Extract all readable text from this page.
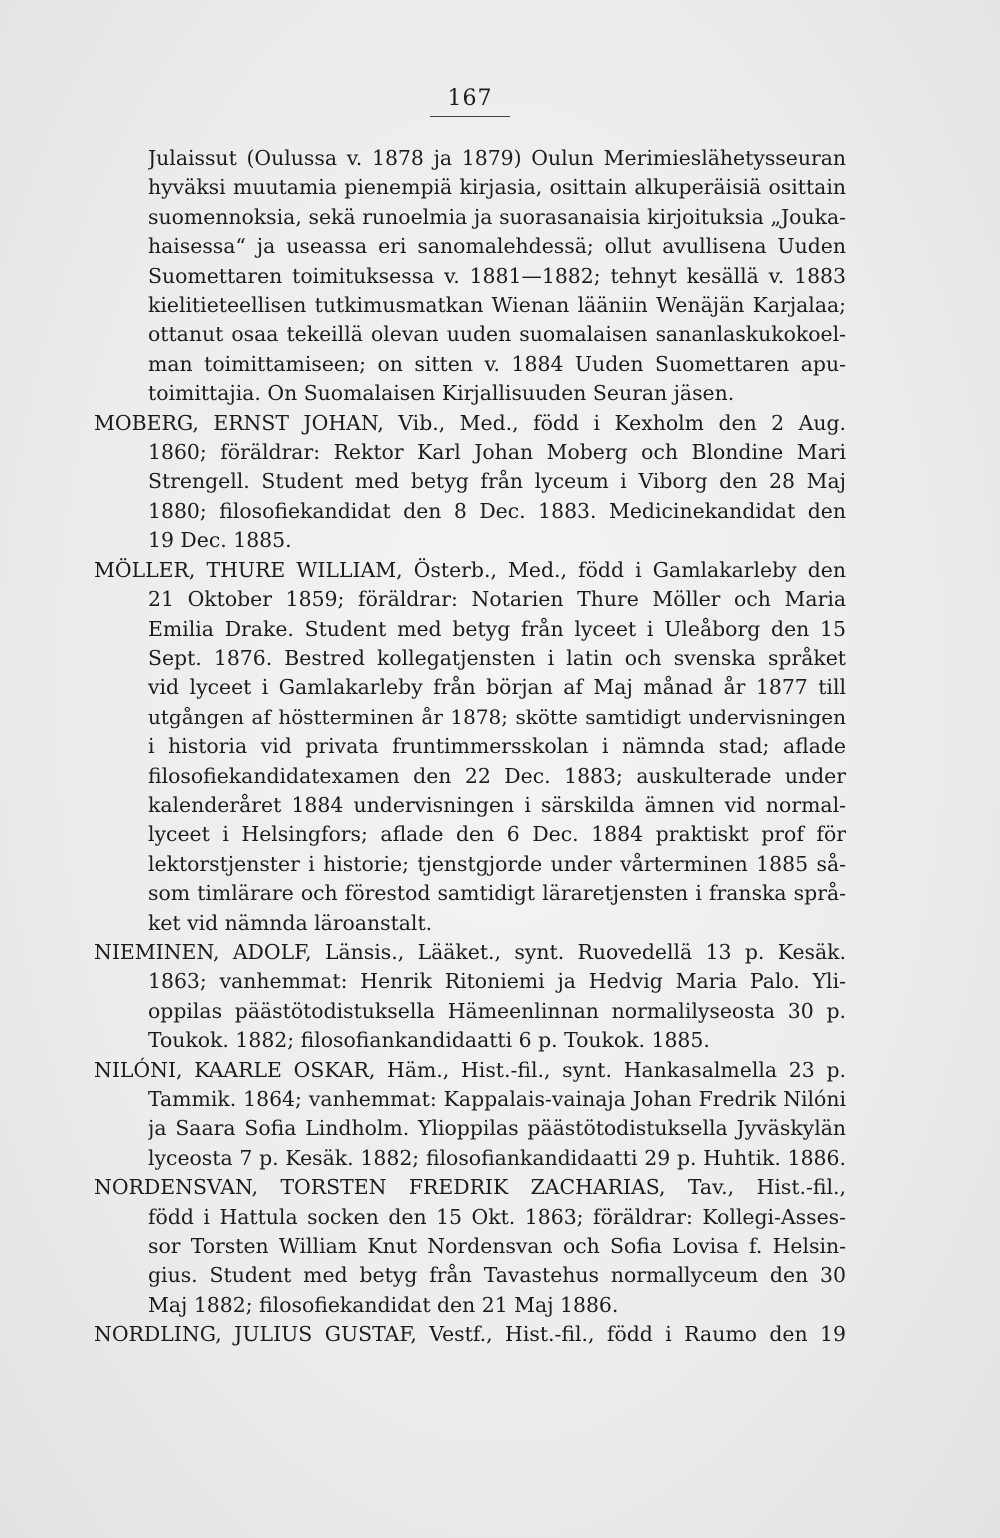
167
Julaissut (Oulussa v. 1878 ja 1879) Oulun Merimieslähetysseuran
hyväksi muutamia pienempiä kirjasia, osittain alkuperäisiä osittain
suomennoksia, sekä runoelmia ja suorasanaisia kirjoituksia „Jouka-
haisessa“ ja useassa eri sanomalehdessä; ollut avullisena Uuden
Suomettaren toimituksessa v. 1881—1882; tehnyt kesällä v. 1883
kielitieteellisen tutkimusmatkan Wienan lääniin Wenäjän Karjalaa;
ottanut osaa tekeillä olevan uuden suomalaisen sananlaskukokoel-
man toimittamiseen; on sitten v. 1884 Uuden Suomettaren apu-
toimittajia. On Suomalaisen Kirjallisuuden Seuran jäsen.
MOBERG, ERNST JOHAN, Vib., Med., född i Kexholm den 2 Aug.
1860; föräldrar: Rektor Karl Johan Moberg och Blondine Mari
Strengell. Student med betyg från lyceum i Viborg den 28 Maj
1880; filosofiekandidat den 8 Dec. 1883. Medicinekandidat den
19 Dec. 1885.
MÖLLER, THURE WILLIAM, Österb., Med., född i Gamlakarleby den
21 Oktober 1859; föräldrar: Notarien Thure Möller och Maria
Emilia Drake. Student med betyg från lyceet i Uleåborg den 15
Sept. 1876. Bestred kollegatjensten i latin och svenska språket
vid lyceet i Gamlakarleby från början af Maj månad år 1877 till
utgången af höstterminen år 1878; skötte samtidigt undervisningen
i historia vid privata fruntimmersskolan i nämnda stad; aflade
filosofiekandidatexamen den 22 Dec. 1883; auskulterade under
kalenderåret 1884 undervisningen i särskilda ämnen vid normal-
lyceet i Helsingfors; aflade den 6 Dec. 1884 praktiskt prof för
lektorstjenster i historie; tjenstgjorde under vårterminen 1885 så-
som timlärare och förestod samtidigt läraretjensten i franska språ-
ket vid nämnda läroanstalt.
NIEMINEN, ADOLF, Länsis., Lääket., synt. Ruovedellä 13 p. Kesäk.
1863; vanhemmat: Henrik Ritoniemi ja Hedvig Maria Palo. Yli-
oppilas päästötodistuksella Hämeenlinnan normalilyseosta 30 p.
Toukok. 1882; filosofiankandidaatti 6 p. Toukok. 1885.
NILÓNI, KAARLE OSKAR, Häm., Hist.-fil., synt. Hankasalmella 23 p.
Tammik. 1864; vanhemmat: Kappalais-vainaja Johan Fredrik Nilóni
ja Saara Sofia Lindholm. Ylioppilas päästötodistuksella Jyväskylän
lyceosta 7 p. Kesäk. 1882; filosofiankandidaatti 29 p. Huhtik. 1886.
NORDENSVAN, TORSTEN FREDRIK ZACHARIAS, Tav., Hist.-fil.,
född i Hattula socken den 15 Okt. 1863; föräldrar: Kollegi-Asses-
sor Torsten William Knut Nordensvan och Sofia Lovisa f. Helsin-
gius. Student med betyg från Tavastehus normallyceum den 30
Maj 1882; filosofiekandidat den 21 Maj 1886.
NORDLING, JULIUS GUSTAF, Vestf., Hist.-fil., född i Raumo den 19
